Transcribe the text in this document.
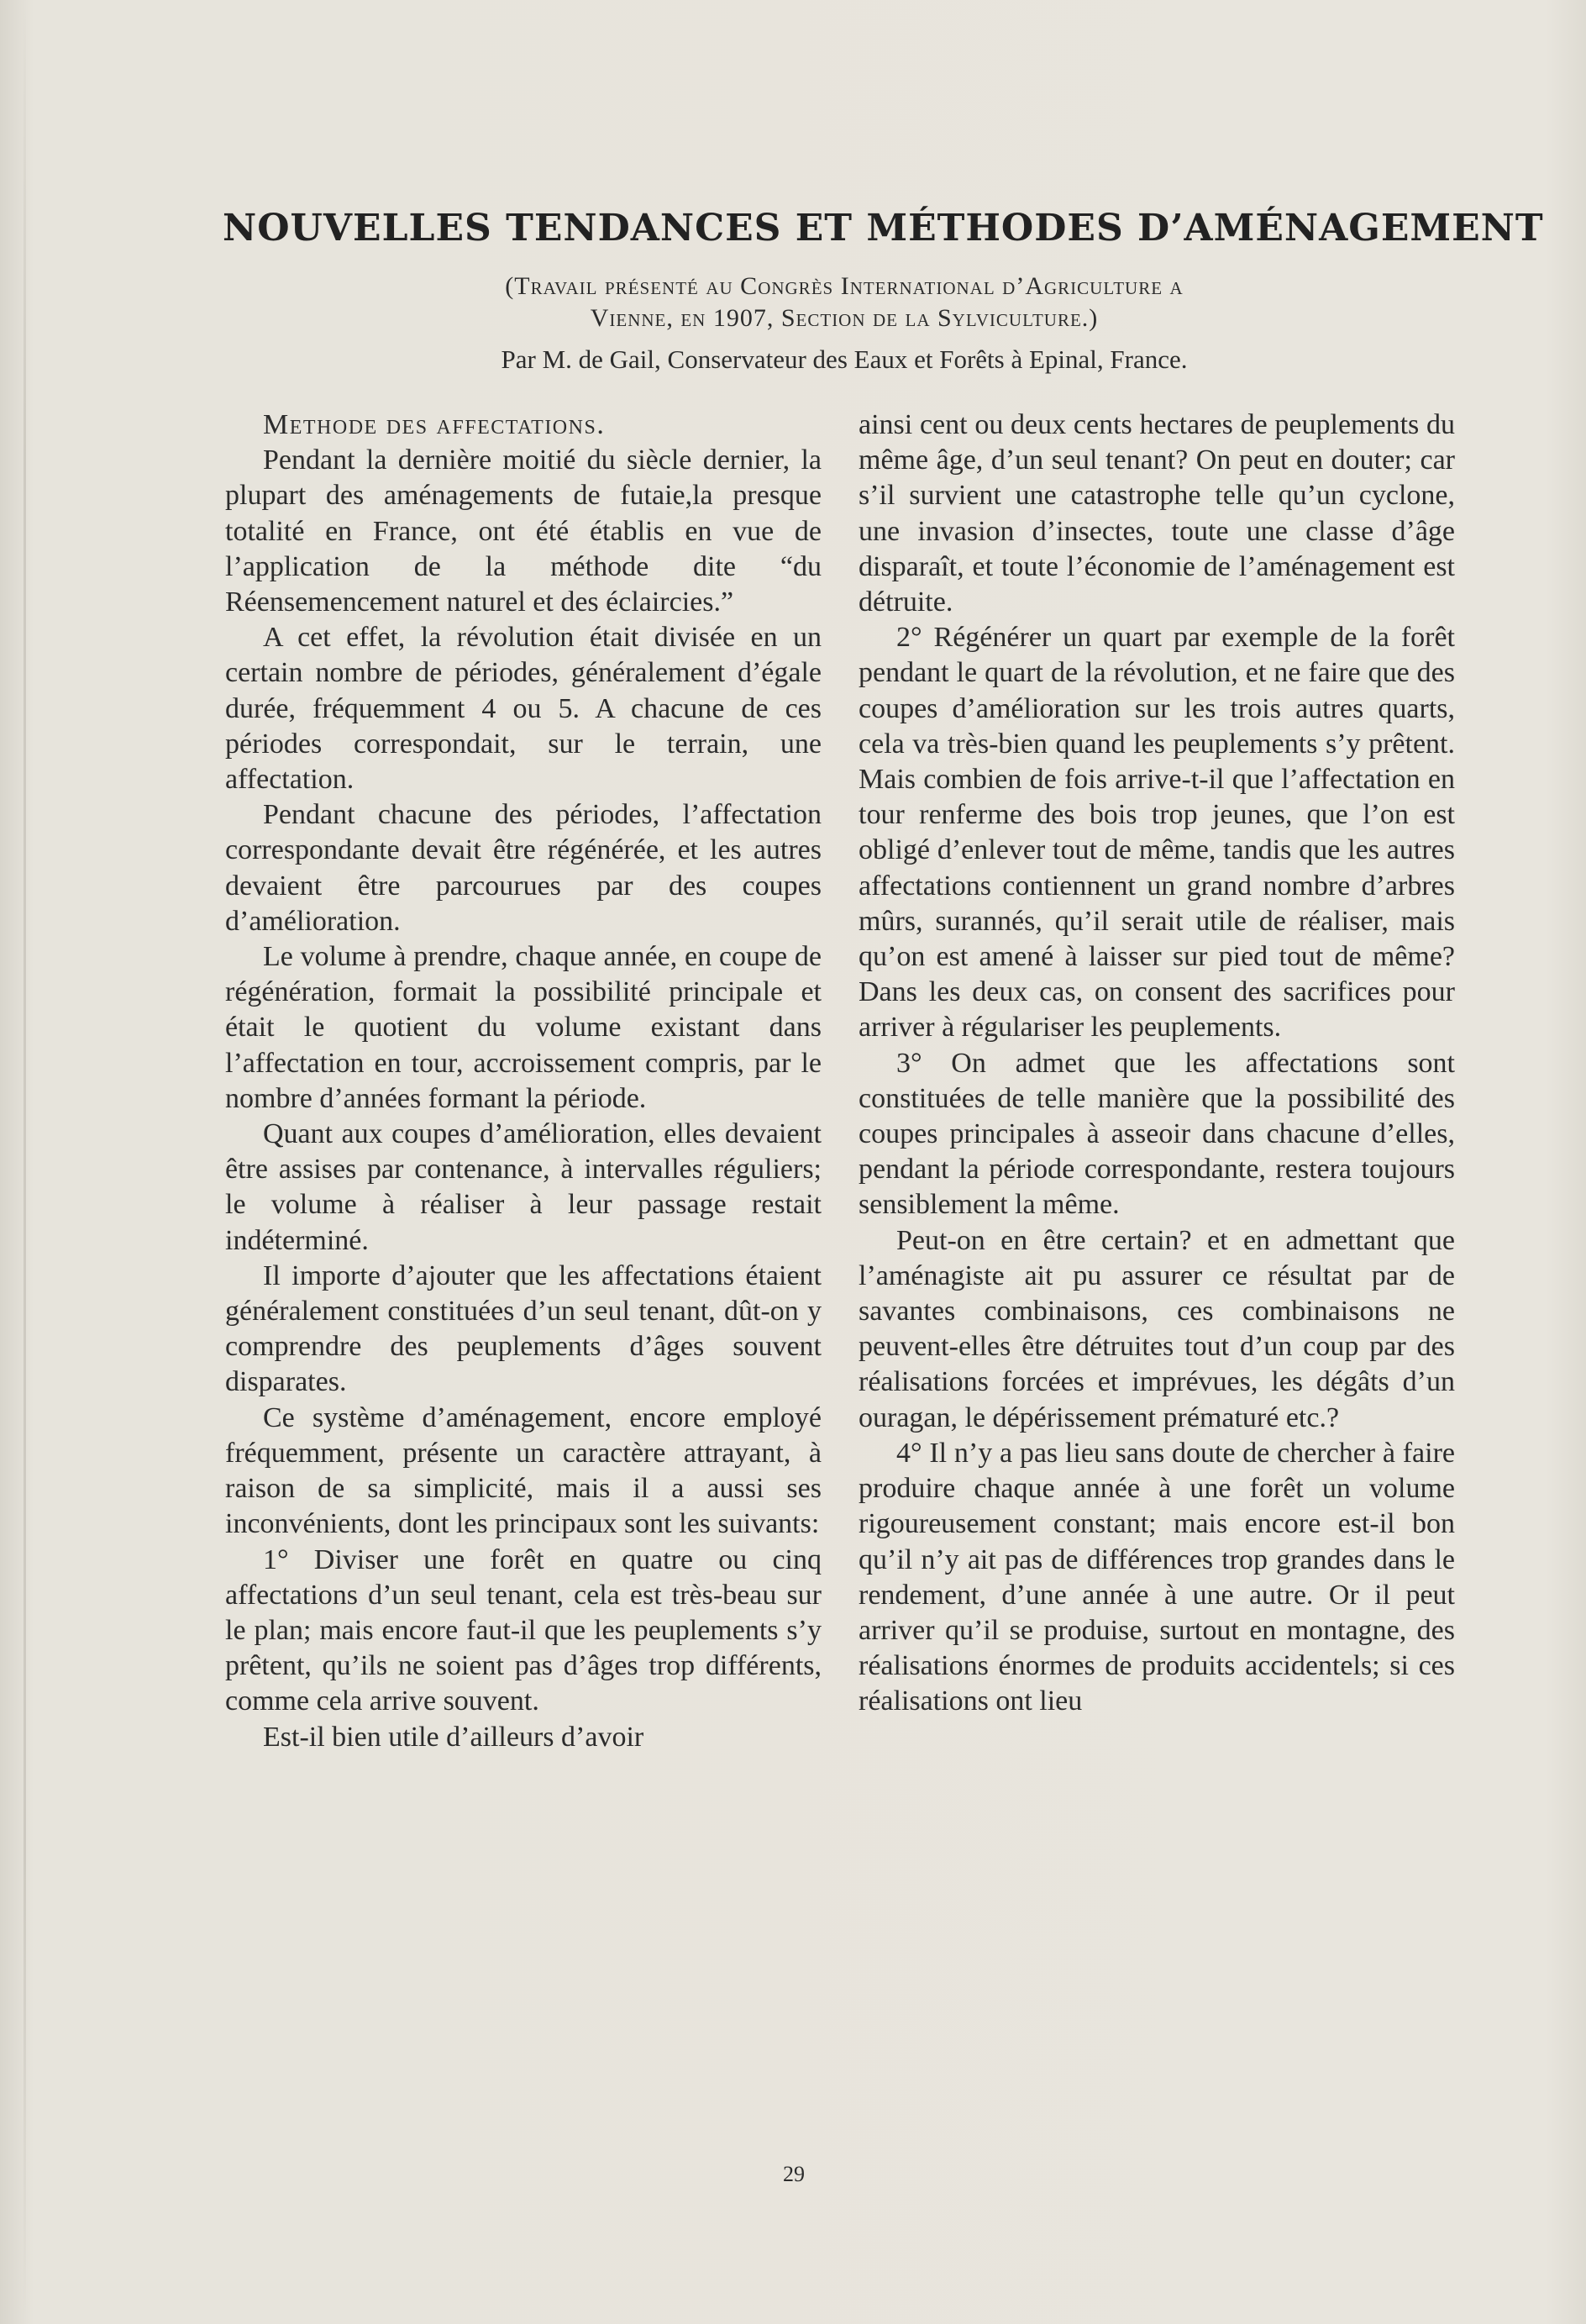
NOUVELLES TENDANCES ET MÉTHODES D’AMÉNAGEMENT
(Travail présenté au Congrès International d’Agriculture a
Vienne, en 1907, Section de la Sylviculture.)
Par M. de Gail, Conservateur des Eaux et Forêts à Epinal, France.

Methode des affectations.

Pendant la dernière moitié du siècle dernier, la plupart des aménagements de futaie,la presque totalité en France, ont été établis en vue de l’application de la méthode dite “du Réensemencement naturel et des éclaircies.”

A cet effet, la révolution était divisée en un certain nombre de périodes, généralement d’égale durée, fréquemment 4 ou 5. A chacune de ces périodes correspondait, sur le terrain, une affectation.

Pendant chacune des périodes, l’affectation correspondante devait être régénérée, et les autres devaient être parcourues par des coupes d’amélioration.

Le volume à prendre, chaque année, en coupe de régénération, formait la possibilité principale et était le quotient du volume existant dans l’affectation en tour, accroissement compris, par le nombre d’années formant la période.

Quant aux coupes d’amélioration, elles devaient être assises par contenance, à intervalles réguliers; le volume à réaliser à leur passage restait indéterminé.

Il importe d’ajouter que les affectations étaient généralement constituées d’un seul tenant, dût-on y comprendre des peuplements d’âges souvent disparates.

Ce système d’aménagement, encore employé fréquemment, présente un caractère attrayant, à raison de sa simplicité, mais il a aussi ses inconvénients, dont les principaux sont les suivants:

1° Diviser une forêt en quatre ou cinq affectations d’un seul tenant, cela est très-beau sur le plan; mais encore faut-il que les peuplements s’y prêtent, qu’ils ne soient pas d’âges trop différents, comme cela arrive souvent.

Est-il bien utile d’ailleurs d’avoir

ainsi cent ou deux cents hectares de peuplements du même âge, d’un seul tenant? On peut en douter; car s’il survient une catastrophe telle qu’un cyclone, une invasion d’insectes, toute une classe d’âge disparaît, et toute l’économie de l’aménagement est détruite.

2° Régénérer un quart par exemple de la forêt pendant le quart de la révolution, et ne faire que des coupes d’amélioration sur les trois autres quarts, cela va très-bien quand les peuplements s’y prêtent. Mais combien de fois arrive-t-il que l’affectation en tour renferme des bois trop jeunes, que l’on est obligé d’enlever tout de même, tandis que les autres affectations contiennent un grand nombre d’arbres mûrs, surannés, qu’il serait utile de réaliser, mais qu’on est amené à laisser sur pied tout de même? Dans les deux cas, on consent des sacrifices pour arriver à régulariser les peuplements.

3° On admet que les affectations sont constituées de telle manière que la possibilité des coupes principales à asseoir dans chacune d’elles, pendant la période correspondante, restera toujours sensiblement la même.

Peut-on en être certain? et en admettant que l’aménagiste ait pu assurer ce résultat par de savantes combinaisons, ces combinaisons ne peuvent-elles être détruites tout d’un coup par des réalisations forcées et imprévues, les dégâts d’un ouragan, le dépérissement prématuré etc.?

4° Il n’y a pas lieu sans doute de chercher à faire produire chaque année à une forêt un volume rigoureusement constant; mais encore est-il bon qu’il n’y ait pas de différences trop grandes dans le rendement, d’une année à une autre. Or il peut arriver qu’il se produise, surtout en montagne, des réalisations énormes de produits accidentels; si ces réalisations ont lieu

29
